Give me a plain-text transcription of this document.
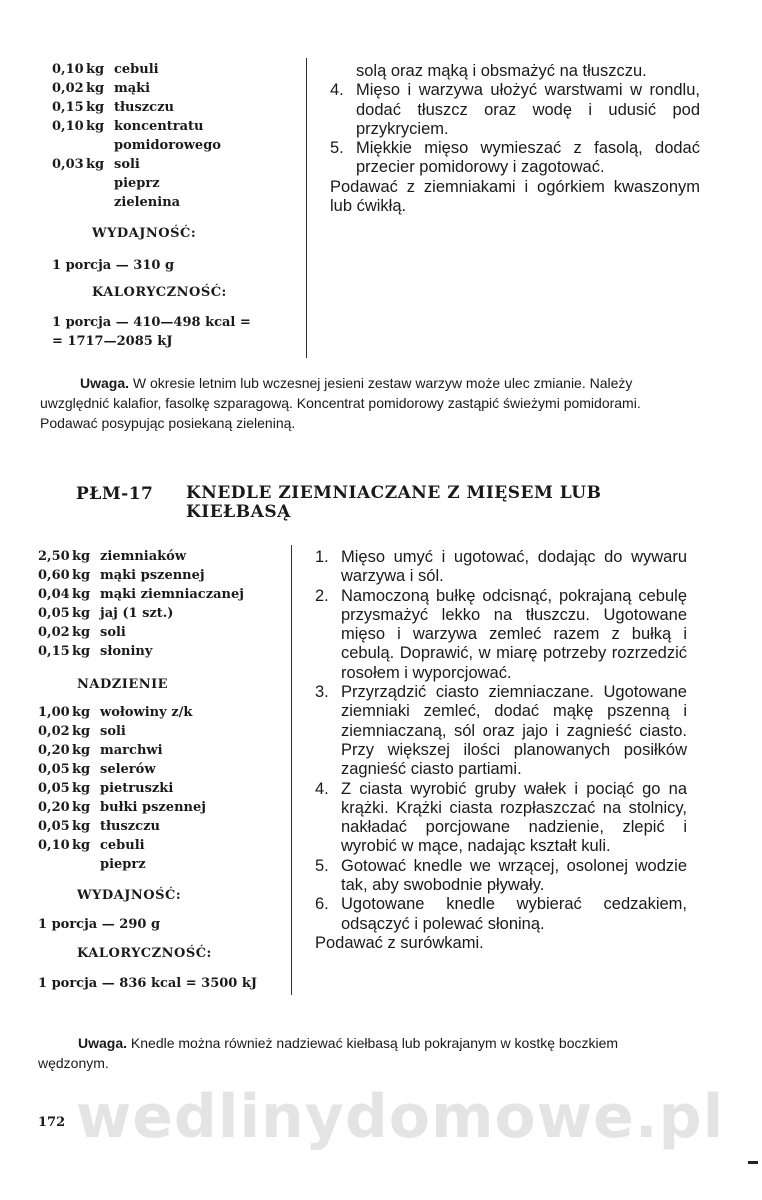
0,10 kg cebuli
0,02 kg mąki
0,15 kg tłuszczu
0,10 kg koncentratu
pomidorowego
0,03 kg soli
pieprz
zielenina
WYDAJNOŚĆ:
1 porcja — 310 g
KALORYCZNOŚĆ:
1 porcja — 410—498 kcal =
= 1717—2085 kJ
solą oraz mąką i obsmażyć na tłuszczu.
4. Mięso i warzywa ułożyć warstwami w rondlu, dodać tłuszcz oraz wodę i udusić pod przykryciem.
5. Miękkie mięso wymieszać z fasolą, dodać przecier pomidorowy i zagotować.
Podawać z ziemniakami i ogórkiem kwaszonym lub ćwikłą.
Uwaga. W okresie letnim lub wczesnej jesieni zestaw warzyw może ulec zmianie. Należy uwzględnić kalafior, fasolkę szparagową. Koncentrat pomidorowy zastąpić świeżymi pomidorami. Podawać posypując posiekaną zieleniną.
PŁM-17 KNEDLE ZIEMNIACZANE Z MIĘSEM LUB KIEŁBASĄ
2,50 kg ziemniaków
0,60 kg mąki pszennej
0,04 kg mąki ziemniaczanej
0,05 kg jaj (1 szt.)
0,02 kg soli
0,15 kg słoniny
NADZIENIE
1,00 kg wołowiny z/k
0,02 kg soli
0,20 kg marchwi
0,05 kg selerów
0,05 kg pietruszki
0,20 kg bułki pszennej
0,05 kg tłuszczu
0,10 kg cebuli
pieprz
WYDAJNOŚĆ:
1 porcja — 290 g
KALORYCZNOŚĆ:
1 porcja — 836 kcal = 3500 kJ
1. Mięso umyć i ugotować, dodając do wywaru warzywa i sól.
2. Namoczoną bułkę odcisnąć, pokrajaną cebulę przysmażyć lekko na tłuszczu. Ugotowane mięso i warzywa zemleć razem z bułką i cebulą. Doprawić, w miarę potrzeby rozrzedzić rosołem i wyporcjować.
3. Przyrządzić ciasto ziemniaczane. Ugotowane ziemniaki zemleć, dodać mąkę pszenną i ziemniaczaną, sól oraz jajo i zagnieść ciasto. Przy większej ilości planowanych posiłków zagnieść ciasto partiami.
4. Z ciasta wyrobić gruby wałek i pociąć go na krążki. Krążki ciasta rozpłaszczać na stolnicy, nakładać porcjowane nadzienie, zlepić i wyrobić w mące, nadając kształt kuli.
5. Gotować knedle we wrzącej, osolonej wodzie tak, aby swobodnie pływały.
6. Ugotowane knedle wybierać cedzakiem, odsączyć i polewać słoniną.
Podawać z surówkami.
Uwaga. Knedle można również nadziewać kiełbasą lub pokrajanym w kostkę boczkiem wędzonym.
wedlinydomowe.pl
172
